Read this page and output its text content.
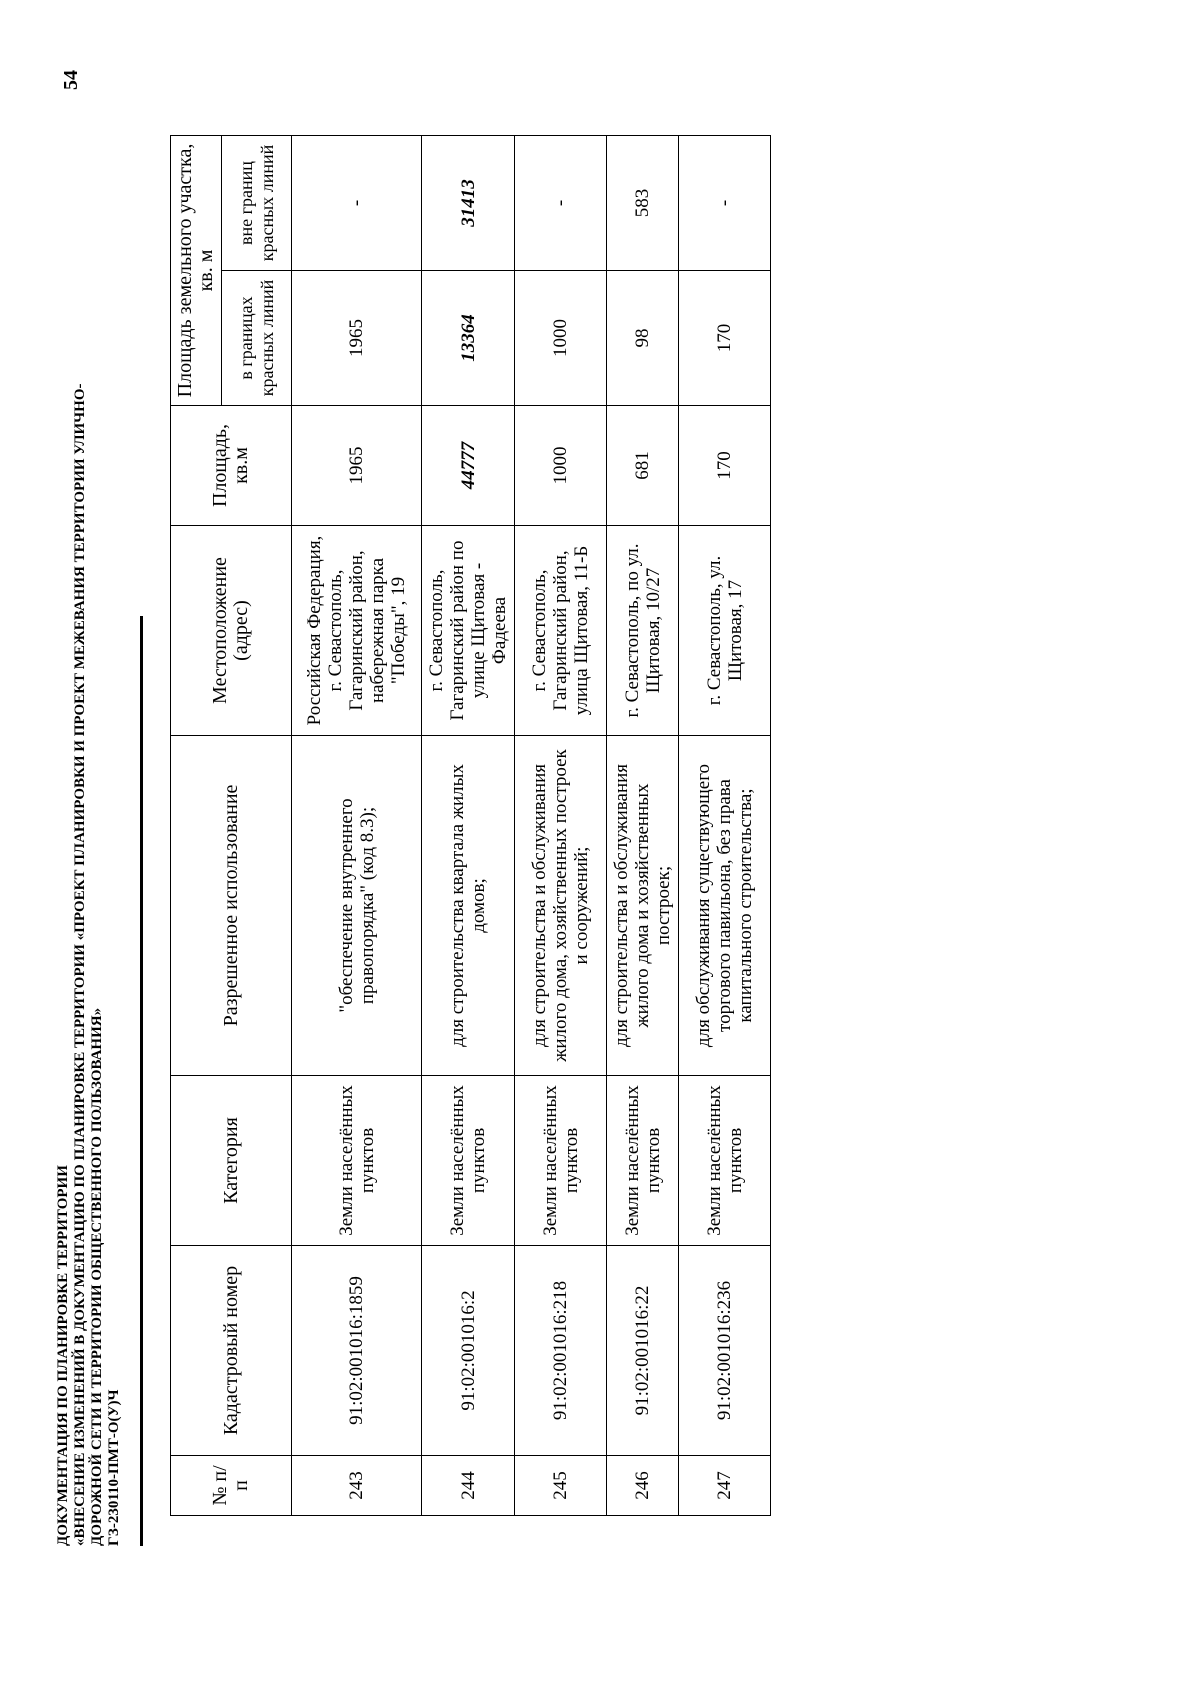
ДОКУМЕНТАЦИЯ ПО ПЛАНИРОВКЕ ТЕРРИТОРИИ «ВНЕСЕНИЕ ИЗМЕНЕНИЙ В ДОКУМЕНТАЦИЮ ПО ПЛАНИРОВКЕ ТЕРРИТОРИИ «ПРОЕКТ ПЛАНИРОВКИ И ПРОЕКТ МЕЖЕВАНИЯ ТЕРРИТОРИИ УЛИЧНО- ДОРОЖНОЙ СЕТИ И ТЕРРИТОРИИ ОБЩЕСТВЕННОГО ПОЛЬЗОВАНИЯ» ГЗ-230110-ПМТ-О(У)Ч
54
№ п/п	Кадастровый номер	Категория	Разрешенное использование	Местоположение (адрес)	Площадь, кв.м	Площадь земельного участка, кв. м	
						в границах красных линий	вне границ красных линий
243	91:02:001016:1859	Земли населённых пунктов	"обеспечение внутреннего правопорядка" (код 8.3);	Российская Федерация, г. Севастополь, Гагаринский район, набережная парка "Победы", 19	1965	1965	-
244	91:02:001016:2	Земли населённых пунктов	для строительства квартала жилых домов;	г. Севастополь, Гагаринский район по улице Щитовая - Фадеева	44777	13364	31413
245	91:02:001016:218	Земли населённых пунктов	для строительства и обслуживания жилого дома, хозяйственных построек и сооружений;	г. Севастополь, Гагаринский район, улица Щитовая, 11-Б	1000	1000	-
246	91:02:001016:22	Земли населённых пунктов	для строительства и обслуживания жилого дома и хозяйственных построек;	г. Севастополь, по ул. Щитовая, 10/27	681	98	583
247	91:02:001016:236	Земли населённых пунктов	для обслуживания существующего торгового павильона, без права капитального строительства;	г. Севастополь, ул. Щитовая, 17	170	170	-
